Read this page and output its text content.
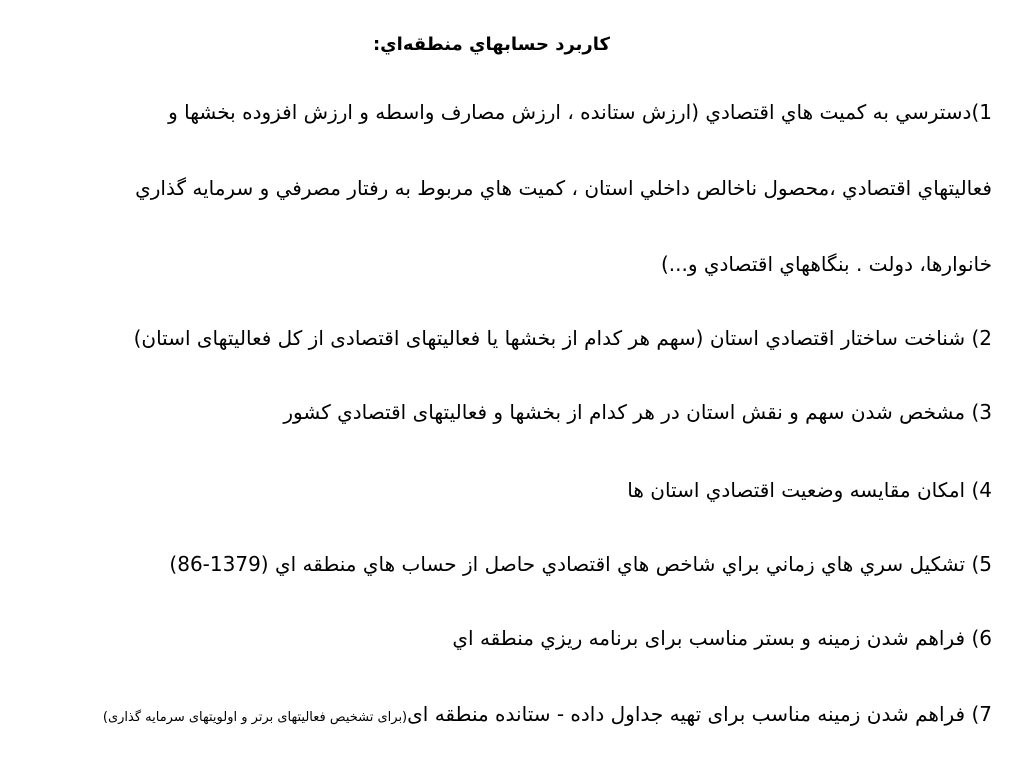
کاربرد حسابهاي منطقه‌اي:
1)دسترسي به كميت هاي اقتصادي (ارزش ستانده ، ارزش مصارف واسطه و ارزش افزوده بخشها و
فعاليتهاي اقتصادي ،محصول ناخالص داخلي استان ، كميت هاي مربوط به رفتار مصرفي و سرمايه گذاري
خانوارها، دولت . بنگاههاي اقتصادي و...)
2) شناخت ساختار اقتصادي استان (سهم هر كدام از بخشها يا فعاليتهای اقتصادی از كل فعاليتهای استان)
3) مشخص شدن سهم و نقش استان در هر كدام از بخشها و فعاليتهای اقتصادي كشور
4) امكان مقايسه وضعيت اقتصادي استان ها
5) تشكيل سري هاي زماني براي شاخص هاي اقتصادي حاصل از حساب هاي منطقه اي (1379-86)
6) فراهم شدن زمینه و بستر مناسب برای برنامه ريزي منطقه اي
7) فراهم شدن زمينه مناسب برای تهيه جداول داده - ستانده منطقه ای(برای تشخیص فعالیتهای برتر و اولویتهای سرمایه گذاری)
